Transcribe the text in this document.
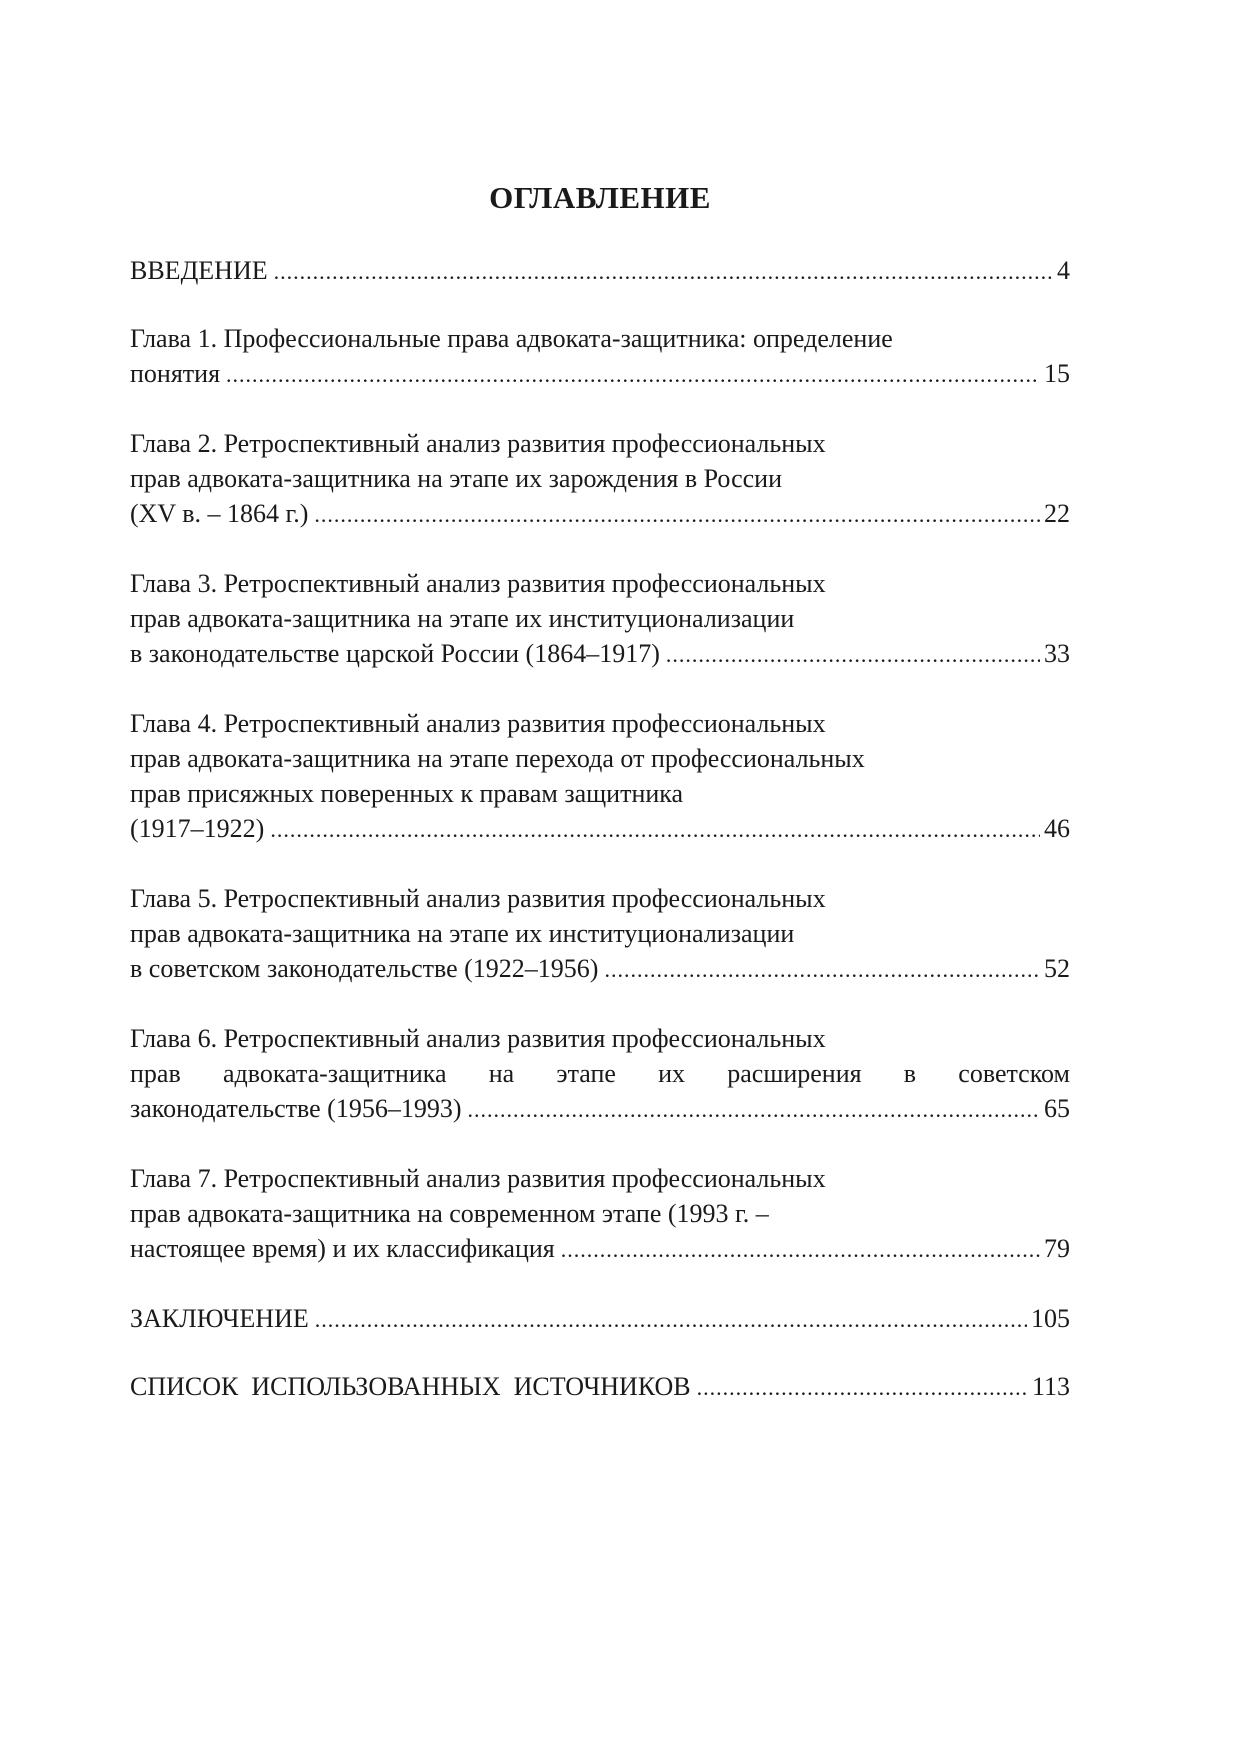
ОГЛАВЛЕНИЕ
ВВЕДЕНИЕ .....	4
Глава 1. Профессиональные права адвоката-защитника: определение
понятия .....	15
Глава 2. Ретроспективный анализ развития профессиональных
прав адвоката-защитника на этапе их зарождения в России
(XV в. – 1864 г.) .....	22
Глава 3. Ретроспективный анализ развития профессиональных
прав адвоката-защитника на этапе их институционализации
в законодательстве царской России (1864–1917) .....	33
Глава 4. Ретроспективный анализ развития профессиональных
прав адвоката-защитника на этапе перехода от профессиональных
прав присяжных поверенных к правам защитника
(1917–1922) .....	46
Глава 5. Ретроспективный анализ развития профессиональных
прав адвоката-защитника на этапе их институционализации
в советском законодательстве (1922–1956) .....	52
Глава 6. Ретроспективный анализ развития профессиональных
прав адвоката-защитника на этапе их расширения в советском
законодательстве (1956–1993) .....	65
Глава 7. Ретроспективный анализ развития профессиональных
прав адвоката-защитника на современном этапе (1993 г. –
настоящее время) и их классификация .....	79
ЗАКЛЮЧЕНИЕ .....	105
СПИСОК  ИСПОЛЬЗОВАННЫХ  ИСТОЧНИКОВ .....	113
